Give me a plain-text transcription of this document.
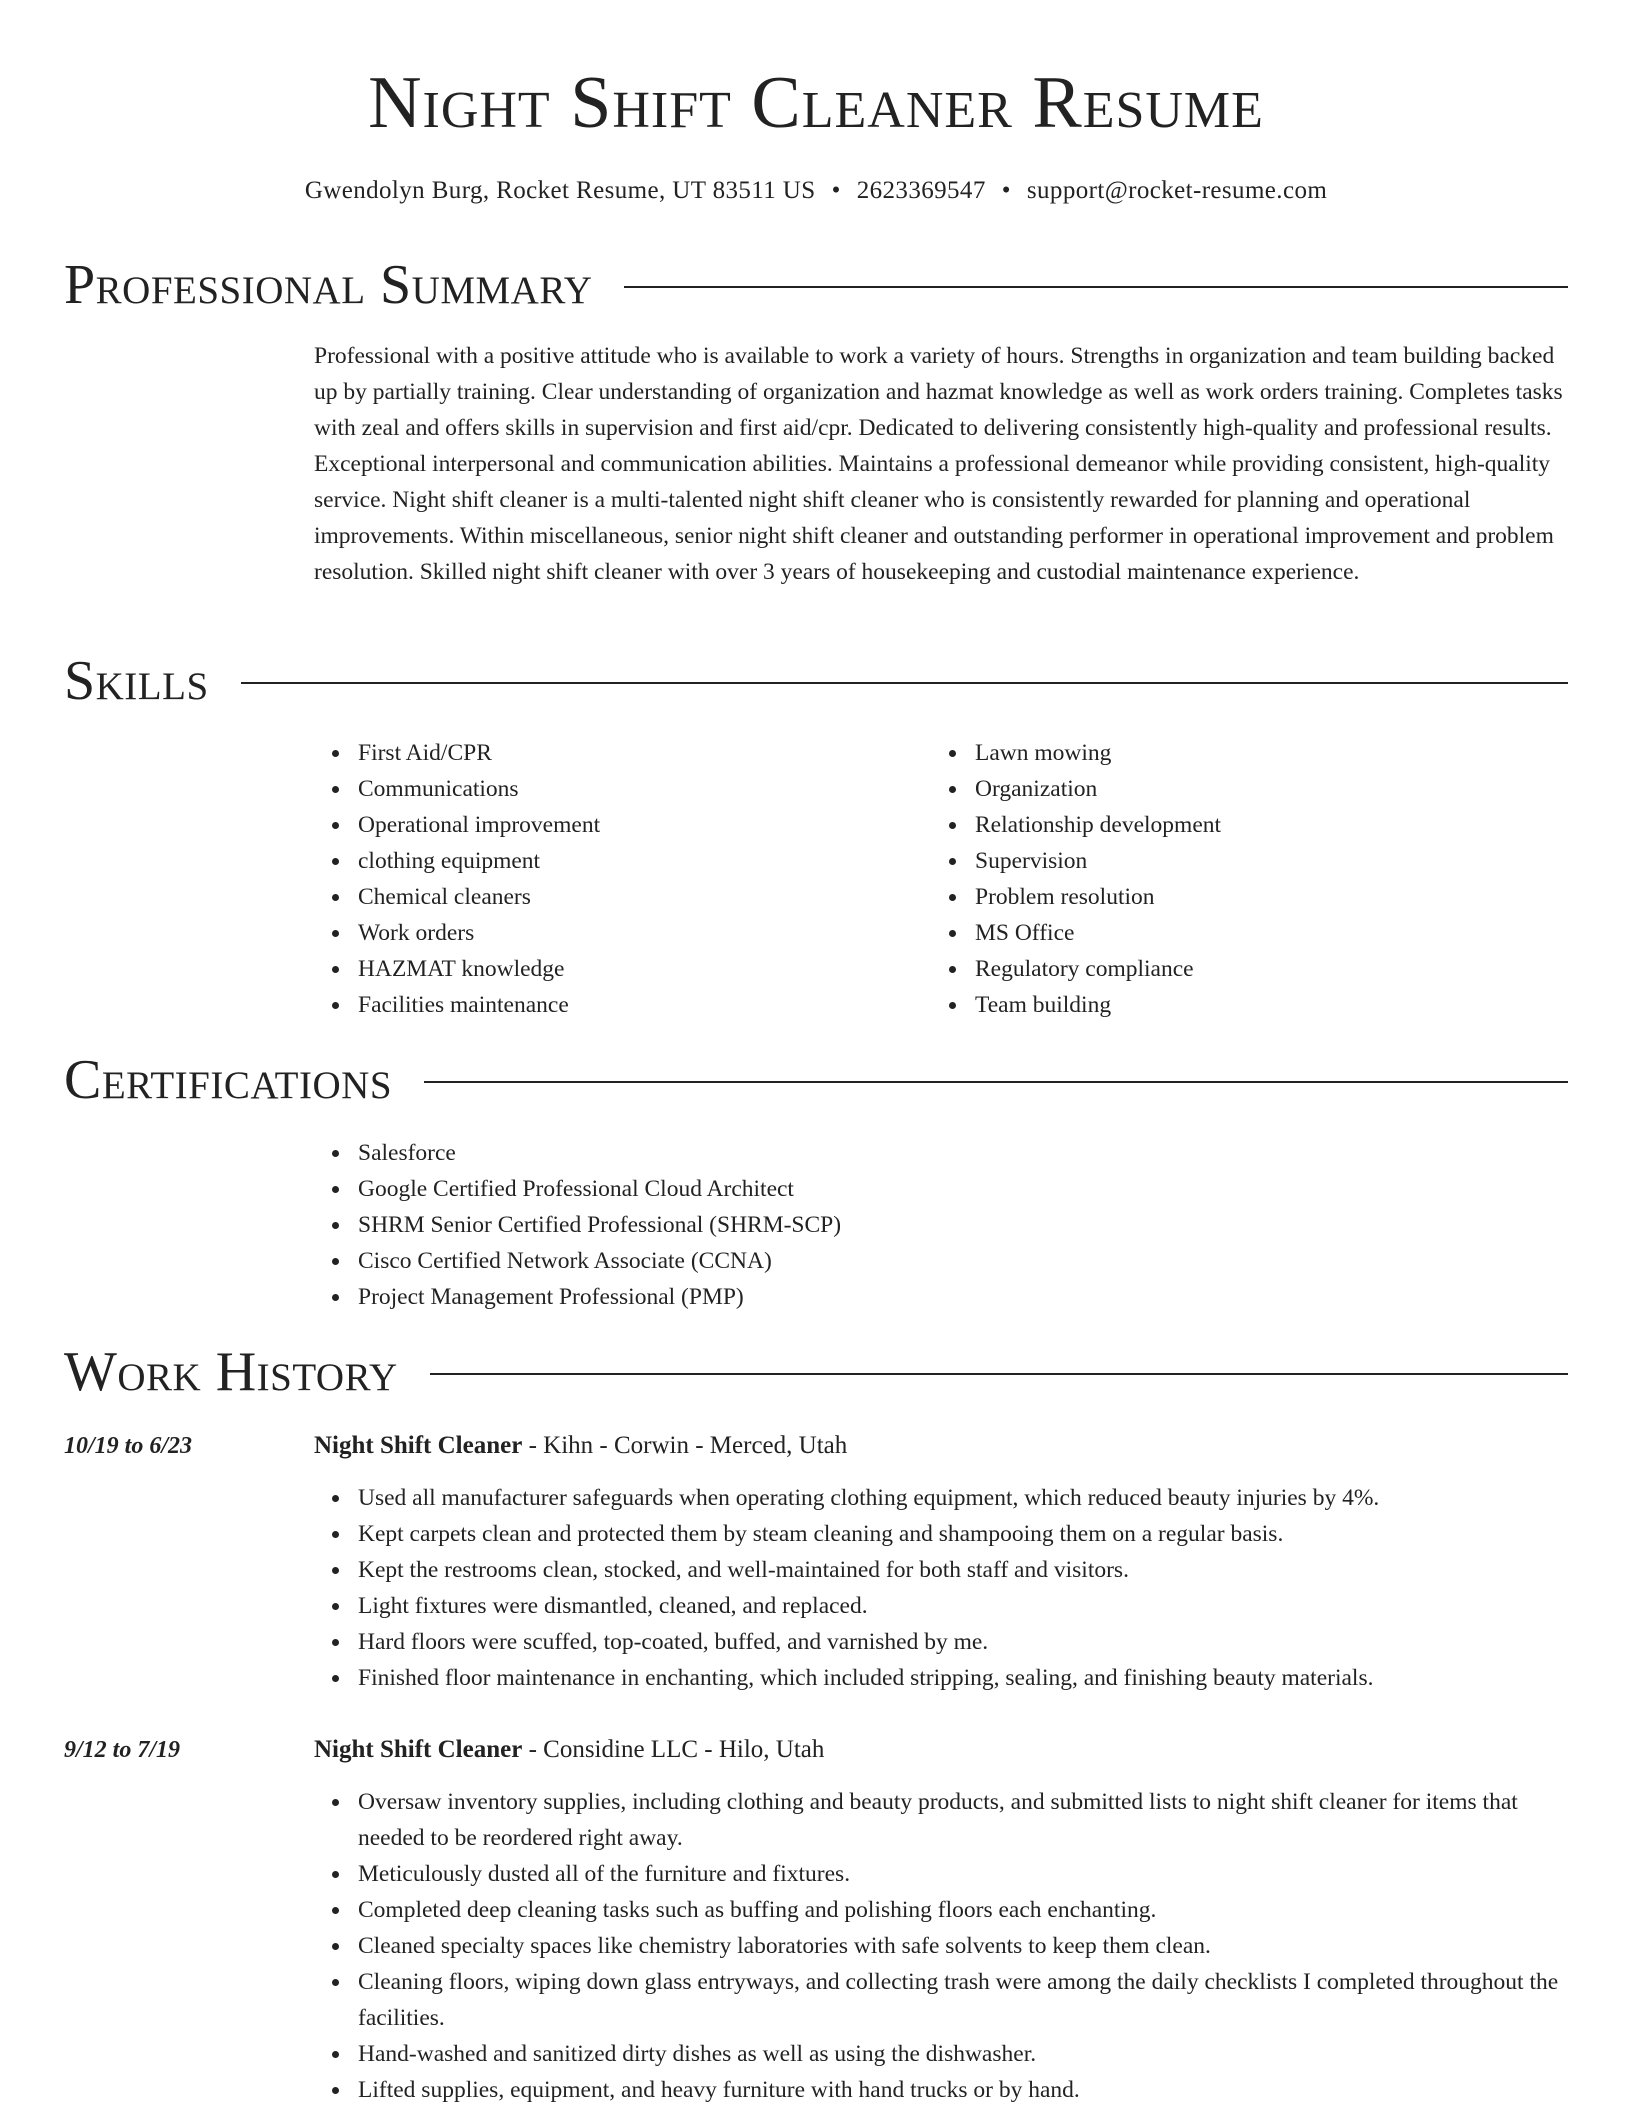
Night Shift Cleaner Resume
Gwendolyn Burg, Rocket Resume, UT 83511 US • 2623369547 • support@rocket-resume.com
Professional Summary

Professional with a positive attitude who is available to work a variety of hours. Strengths in organization and team building backed up by partially training. Clear understanding of organization and hazmat knowledge as well as work orders training. Completes tasks with zeal and offers skills in supervision and first aid/cpr. Dedicated to delivering consistently high-quality and professional results. Exceptional interpersonal and communication abilities. Maintains a professional demeanor while providing consistent, high-quality service. Night shift cleaner is a multi-talented night shift cleaner who is consistently rewarded for planning and operational improvements. Within miscellaneous, senior night shift cleaner and outstanding performer in operational improvement and problem resolution. Skilled night shift cleaner with over 3 years of housekeeping and custodial maintenance experience.

Skills
First Aid/CPR
Communications
Operational improvement
clothing equipment
Chemical cleaners
Work orders
HAZMAT knowledge
Facilities maintenance
Lawn mowing
Organization
Relationship development
Supervision
Problem resolution
MS Office
Regulatory compliance
Team building
Certifications
Salesforce
Google Certified Professional Cloud Architect
SHRM Senior Certified Professional (SHRM-SCP)
Cisco Certified Network Associate (CCNA)
Project Management Professional (PMP)
Work History
10/19 to 6/23	Night Shift Cleaner - Kihn - Corwin - Merced, Utah
Used all manufacturer safeguards when operating clothing equipment, which reduced beauty injuries by 4%.
Kept carpets clean and protected them by steam cleaning and shampooing them on a regular basis.
Kept the restrooms clean, stocked, and well-maintained for both staff and visitors.
Light fixtures were dismantled, cleaned, and replaced.
Hard floors were scuffed, top-coated, buffed, and varnished by me.
Finished floor maintenance in enchanting, which included stripping, sealing, and finishing beauty materials.
9/12 to 7/19	Night Shift Cleaner - Considine LLC - Hilo, Utah
Oversaw inventory supplies, including clothing and beauty products, and submitted lists to night shift cleaner for items that needed to be reordered right away.
Meticulously dusted all of the furniture and fixtures.
Completed deep cleaning tasks such as buffing and polishing floors each enchanting.
Cleaned specialty spaces like chemistry laboratories with safe solvents to keep them clean.
Cleaning floors, wiping down glass entryways, and collecting trash were among the daily checklists I completed throughout the facilities.
Hand-washed and sanitized dirty dishes as well as using the dishwasher.
Lifted supplies, equipment, and heavy furniture with hand trucks or by hand.
